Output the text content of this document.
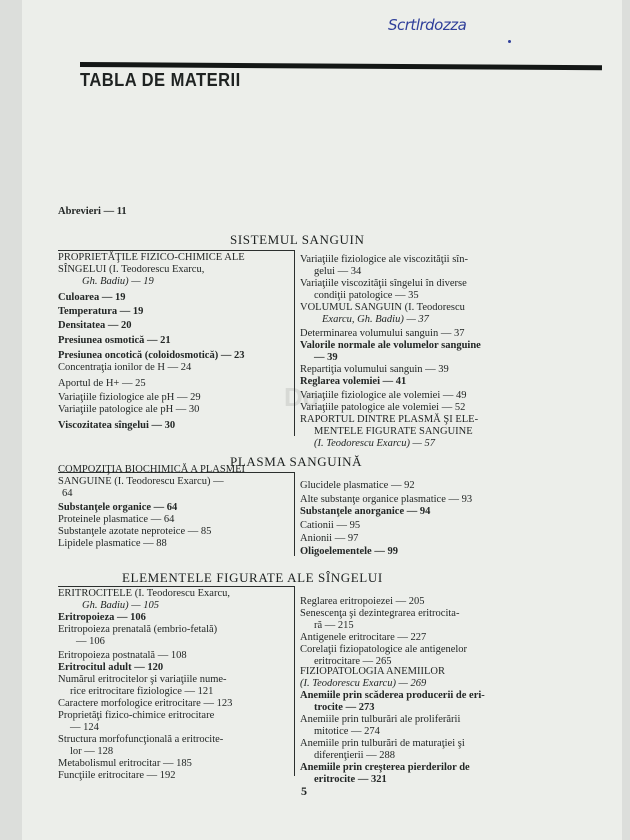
Scrtlrdozza
TABLA DE MATERII
Do
Abrevieri — 11
SISTEMUL SANGUIN
PROPRIETĂŢILE FIZICO-CHIMICE ALE
SÎNGELUI (I. Teodorescu Exarcu,
Gh. Badiu) — 19
Culoarea — 19
Temperatura — 19
Densitatea — 20
Presiunea osmotică — 21
Presiunea oncotică (coloidosmotică) — 23
Concentraţia ionilor de H — 24
Aportul de H+ — 25
Variaţiile fiziologice ale pH — 29
Variaţiile patologice ale pH — 30
Viscozitatea sîngelui — 30
Variaţiile fiziologice ale viscozităţii sîn-
gelui — 34
Variaţiile viscozităţii sîngelui în diverse
condiţii patologice — 35
VOLUMUL SANGUIN (I. Teodorescu
Exarcu, Gh. Badiu) — 37
Determinarea volumului sanguin — 37
Valorile normale ale volumelor sanguine
— 39
Repartiţia volumului sanguin — 39
Reglarea volemiei — 41
Variaţiile fiziologice ale volemiei — 49
Variaţiile patologice ale volemiei — 52
RAPORTUL DINTRE PLASMĂ ŞI ELE-
MENTELE FIGURATE SANGUINE
(I. Teodorescu Exarcu) — 57
PLASMA SANGUINĂ
COMPOZIŢIA BIOCHIMICĂ A PLASMEI
SANGUINE (I. Teodorescu Exarcu) —
64
Substanţele organice — 64
Proteinele plasmatice — 64
Substanţele azotate neproteice — 85
Lipidele plasmatice — 88
Glucidele plasmatice — 92
Alte substanţe organice plasmatice — 93
Substanţele anorganice — 94
Cationii — 95
Anionii — 97
Oligoelementele — 99
ELEMENTELE FIGURATE ALE SÎNGELUI
ERITROCITELE (I. Teodorescu Exarcu,
Gh. Badiu) — 105
Eritropoieza — 106
Eritropoieza prenatală (embrio-fetală)
— 106
Eritropoieza postnatală — 108
Eritrocitul adult — 120
Numărul eritrocitelor şi variaţiile nume-
rice eritrocitare fiziologice — 121
Caractere morfologice eritrocitare — 123
Proprietăţi fizico-chimice eritrocitare
— 124
Structura morfofuncţională a eritrocite-
lor — 128
Metabolismul eritrocitar — 185
Funcţiile eritrocitare — 192
Reglarea eritropoiezei — 205
Senescenţa şi dezintegrarea eritrocita-
ră — 215
Antigenele eritrocitare — 227
Corelaţii fiziopatologice ale antigenelor
eritrocitare — 265
FIZIOPATOLOGIA ANEMIILOR
(I. Teodorescu Exarcu) — 269
Anemiile prin scăderea producerii de eri-
trocite — 273
Anemiile prin tulburări ale proliferării
mitotice — 274
Anemiile prin tulburări de maturaţiei şi
diferenţierii — 288
Anemiile prin creşterea pierderilor de
eritrocite — 321
5
